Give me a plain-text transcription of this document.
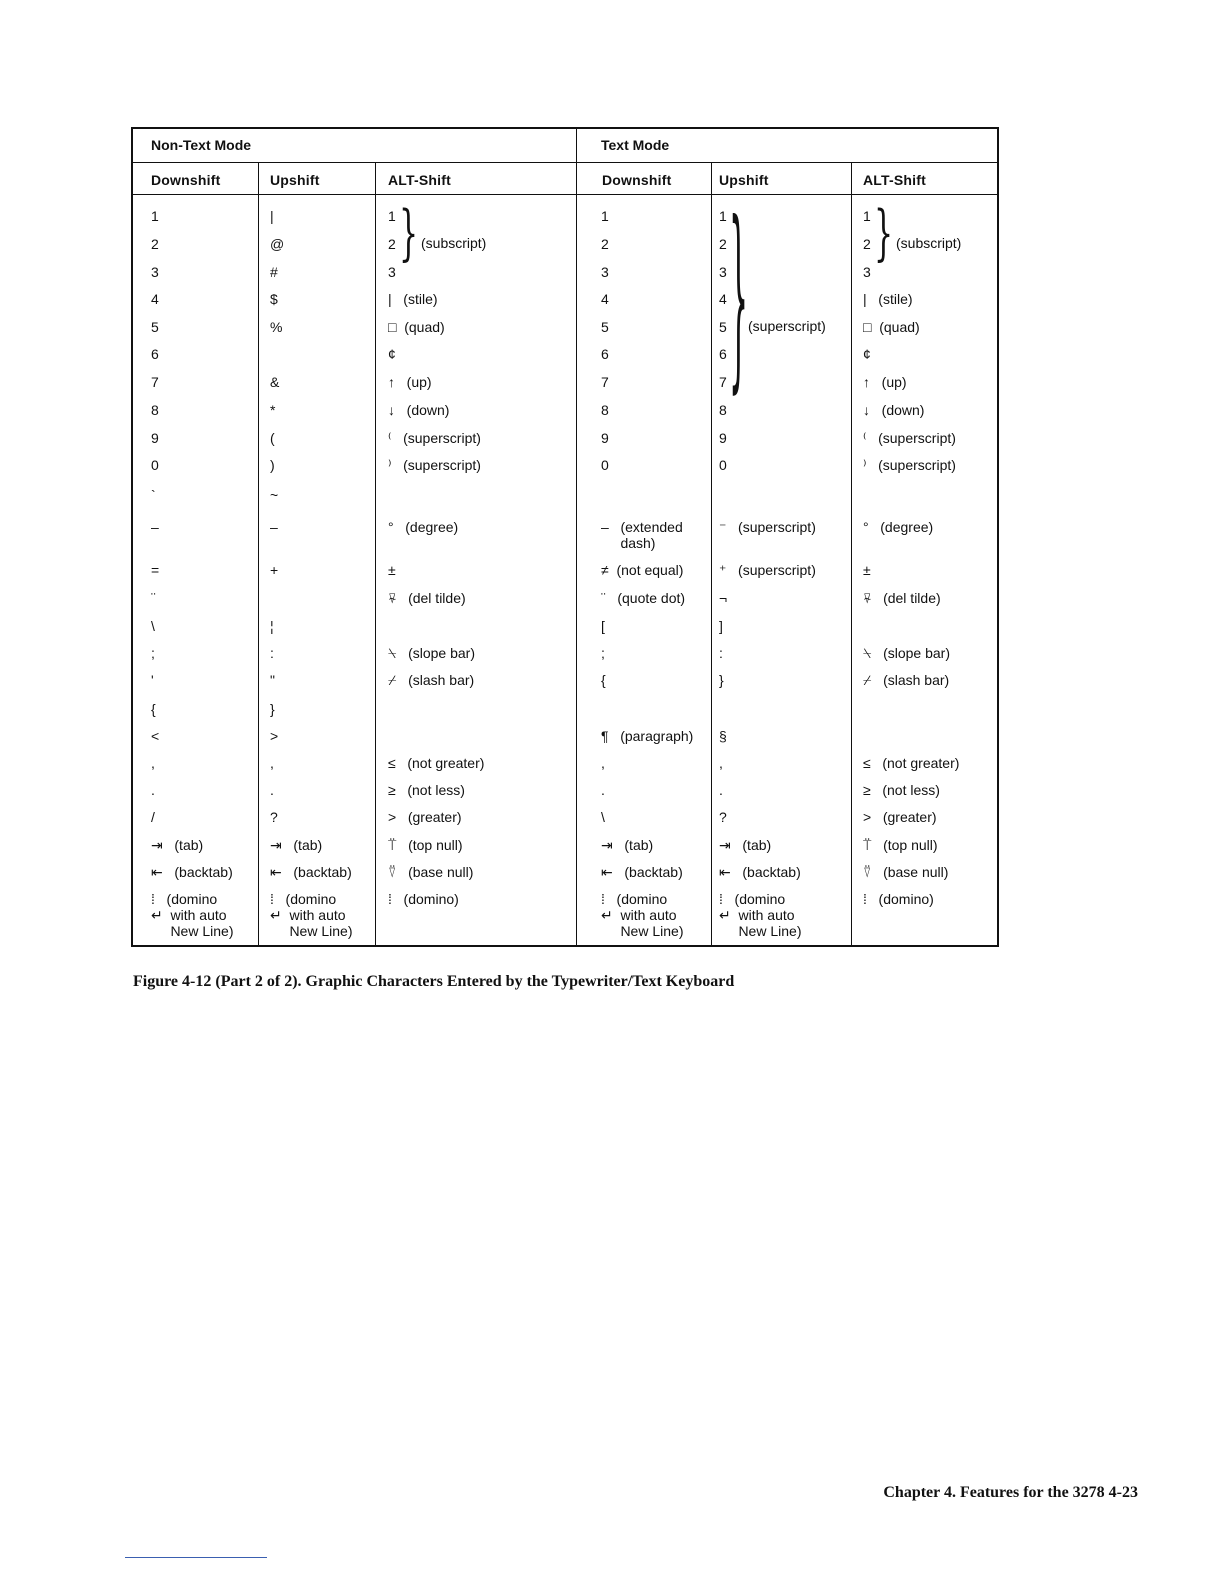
Non-Text Mode	Text Mode
Downshift	Upshift	ALT-Shift	Downshift	Upshift	ALT-Shift
1	|	1	1	1	1
2	@	2	2	2	2
3	#	3	3	3	3
4	$	|   (stile)	4	4	|   (stile)
5	%	□  (quad)	5	5	□  (quad)
6	¢	6	6	¢
7	&	↑   (up)	7	7	↑   (up)
8	*	↓   (down)	8	8	↓   (down)
9	(	⁽   (superscript)	9	9	⁽   (superscript)
0	)	⁾   (superscript)	0	0	⁾   (superscript)
`	~
–	–	°   (degree)	–   (extended
dash)
⁻   (superscript)	°   (degree)
=	+	±	≠  (not equal)	⁺   (superscript)	±
¨	⍫   (del tilde)	¨   (quote dot) ¬	⍫   (del tilde)
\	¦	[	]
;	:	⍀   (slope bar)	;	:	⍀   (slope bar)
'	"	⌿   (slash bar)	{	}	⌿   (slash bar)
{	}
<	>	¶   (paragraph) §
,	,	≤   (not greater)	,	,	≤   (not greater)
.	.	≥   (not less)	.	.	≥   (not less)
/	?	>   (greater)	\	?	>   (greater)
⇥   (tab)	⇥   (tab)	⍡   (top null)	⇥   (tab)	⇥   (tab)	⍡   (top null)
⇤   (backtab)	⇤   (backtab)	⍢   (base null)	⇤   (backtab)	⇤   (backtab)	⍢   (base null)
⁞   (domino
↵  with auto
New Line)
⁞   (domino
↵  with auto
New Line)
⁞   (domino)	⁞   (domino
↵  with auto
New Line)
⁞   (domino
↵  with auto
New Line)
⁞   (domino)
} (subscript)	} (superscript)
} (subscript)
Figure 4-12 (Part 2 of 2). Graphic Characters Entered by the Typewriter/Text Keyboard
Chapter 4. Features for the 3278 4-23
